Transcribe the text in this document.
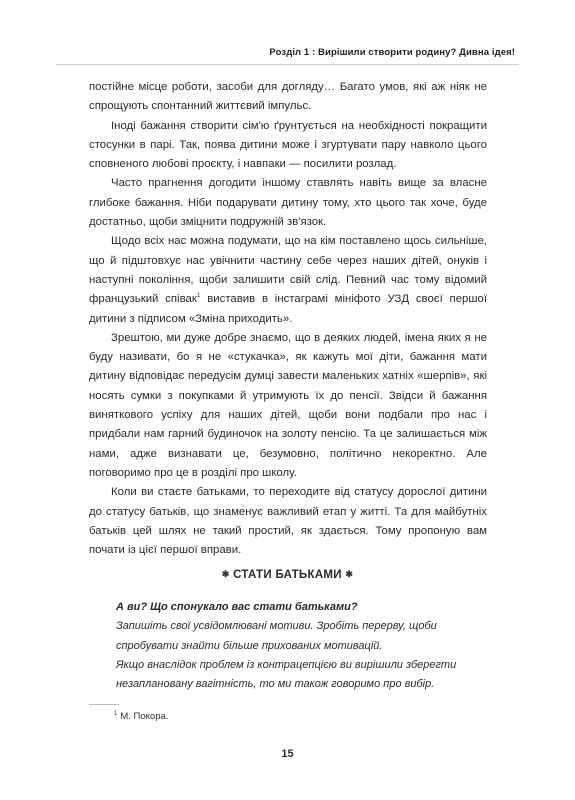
Розділ 1 : Вирішили створити родину? Дивна ідея!

постійне місце роботи, засоби для догляду… Багато умов, які аж ніяк не спрощують спонтанний життєвий імпульс.

Іноді бажання створити сім'ю ґрунтується на необхідності покращити стосунки в парі. Так, поява дитини може і згуртувати пару навколо цього сповненого любові проєкту, і навпаки — посилити розлад.

Часто прагнення догодити іншому ставлять навіть вище за власне глибоке бажання. Ніби подарувати дитину тому, хто цього так хоче, буде достатньо, щоби зміцнити подружній зв'язок.

Щодо всіх нас можна подумати, що на кім поставлено щось сильніше, що й підштовхує нас увічнити частину себе через наших дітей, онуків і наступні покоління, щоби залишити свій слід. Певний час тому відомий французький співак$^1$ виставив в інстаграмі мініфото УЗД своєї першої дитини з підписом «Зміна приходить».

Зрештою, ми дуже добре знаємо, що в деяких людей, імена яких я не буду називати, бо я не «стукачка», як кажуть мої діти, бажання мати дитину відповідає передусім думці завести маленьких хатніх «шерпів», які носять сумки з покупками й утримують їх до пенсії. Звідси й бажання виняткового успіху для наших дітей, щоби вони подбали про нас і придбали нам гарний будиночок на золоту пенсію. Та це залишається між нами, адже визнавати це, безумовно, політично некоректно. Але поговоримо про це в розділі про школу.

Коли ви стаєте батьками, то переходите від статусу дорослої дитини до статусу батьків, що знаменує важливий етап у житті. Та для майбутніх батьків цей шлях не такий простий, як здається. Тому пропоную вам почати із цієї першої вправи.

✱ СТАТИ БАТЬКАМИ ✱
А ви? Що спонукало вас стати батьками?
Запишіть свої усвідомлювані мотиви. Зробіть перерву, щоби спробувати знайти більше прихованих мотивацій.
Якщо внаслідок проблем із контрацепцією ви вирішили зберегти незаплановану вагітність, то ми також говоримо про вибір.
$^1$ М. Покора.
15
